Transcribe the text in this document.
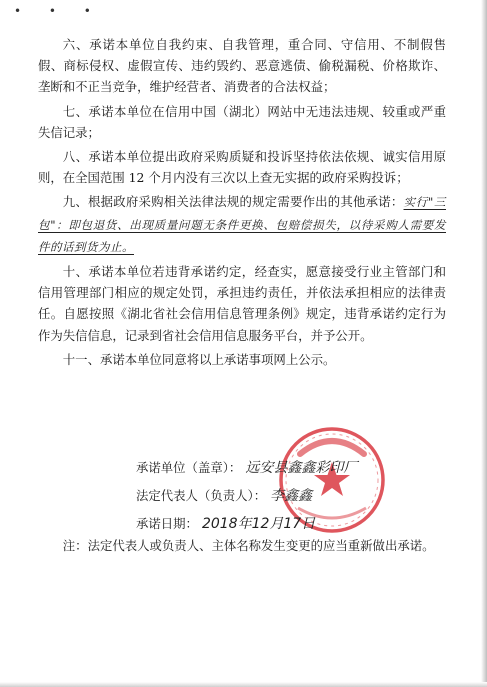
• • •

六、承诺本单位自我约束、自我管理，重合同、守信用、不制假售假、商标侵权、虚假宣传、违约毁约、恶意逃债、偷税漏税、价格欺诈、垄断和不正当竞争，维护经营者、消费者的合法权益；

七、承诺本单位在信用中国（湖北）网站中无违法违规、较重或严重失信记录；

八、承诺本单位提出政府采购质疑和投诉坚持依法依规、诚实信用原则，在全国范围 12 个月内没有三次以上查无实据的政府采购投诉；

九、根据政府采购相关法律法规的规定需要作出的其他承诺：实行"三包"：即包退货、出现质量问题无条件更换、包赔偿损失，以待采购人需要发件的话到货为止。

十、承诺本单位若违背承诺约定，经查实，愿意接受行业主管部门和信用管理部门相应的规定处罚，承担违约责任，并依法承担相应的法律责任。自愿按照《湖北省社会信用信息管理条例》规定，违背承诺约定行为作为失信信息，记录到省社会信用信息服务平台，并予公开。

十一、承诺本单位同意将以上承诺事项网上公示。

承诺单位（盖章）： 远安县鑫鑫彩印厂
法定代表人（负责人）： 李鑫鑫
承诺日期： 2018年12月17日

注：法定代表人或负责人、主体名称发生变更的应当重新做出承诺。
